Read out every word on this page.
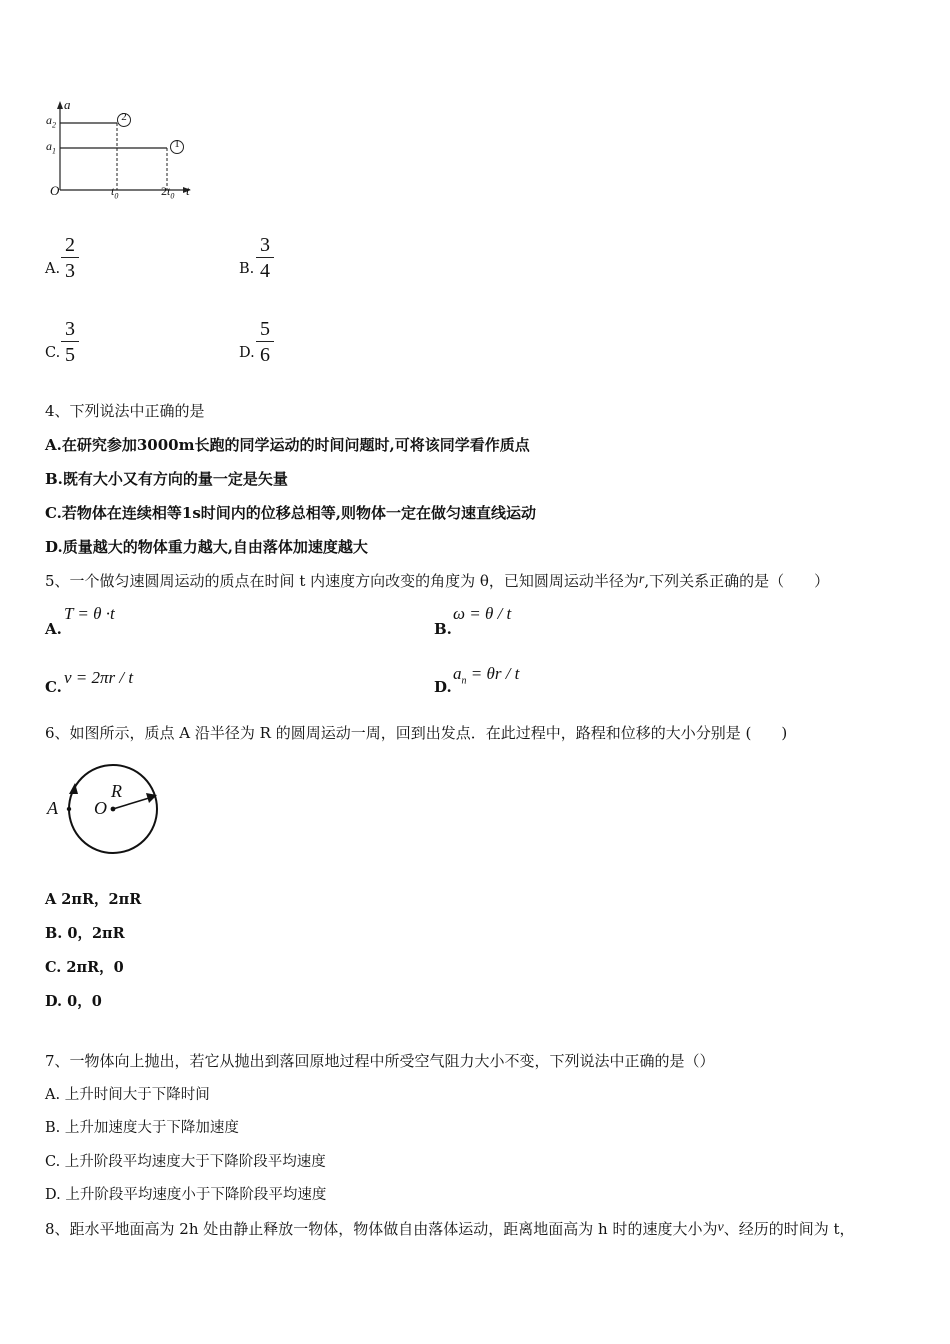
a
$a_2$
$a_1$
O	$t_0$	$2t_0$ t
2
1
A.
2
3	B.
3
4
C.
3
5	D.
5
6
4、下列说法中正确的是
A.在研究参加3000m长跑的同学运动的时间问题时,可将该同学看作质点
B.既有大小又有方向的量一定是矢量
C.若物体在连续相等1s时间内的位移总相等,则物体一定在做匀速直线运动
D.质量越大的物体重力越大,自由落体加速度越大
5、一个做匀速圆周运动的质点在时间 t 内速度方向改变的角度为 θ，已知圆周运动半径为r,下列关系正确的是（　　）
A.
T = θ ·t
B.
ω = θ / t
C. v = 2πr / t	D.
$a_n = \theta r / t$
6、如图所示，质点 A 沿半径为 R 的圆周运动一周，回到出发点．在此过程中，路程和位移的大小分别是 (　　)
A O
R
A 2πR，2πR
B. 0，2πR
C. 2πR，0
D. 0，0
7、一物体向上抛出，若它从抛出到落回原地过程中所受空气阻力大小不变，下列说法中正确的是（）
A. 上升时间大于下降时间
B. 上升加速度大于下降加速度
C. 上升阶段平均速度大于下降阶段平均速度
D. 上升阶段平均速度小于下降阶段平均速度
8、距水平地面高为 2h 处由静止释放一物体，物体做自由落体运动，距离地面高为 h 时的速度大小为v、经历的时间为 t，
